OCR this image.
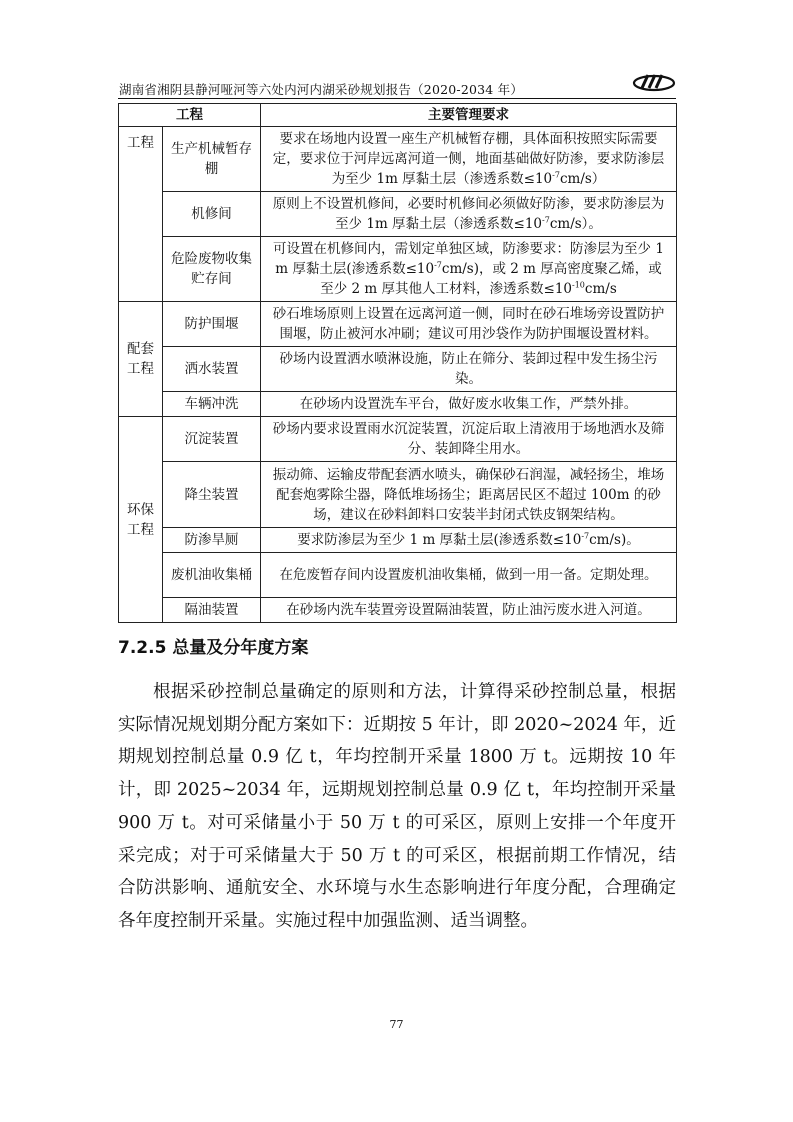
湖南省湘阴县静河哑河等六处内河内湖采砂规划报告（2020-2034 年）
工程		主要管理要求
工程	生产机械暂存棚	要求在场地内设置一座生产机械暂存棚，具体面积按照实际需要定，要求位于河岸远离河道一侧，地面基础做好防渗，要求防渗层为至少 1m 厚黏土层（渗透系数$\le 10^{-7}cm/s$）
	机修间	原则上不设置机修间，必要时机修间必须做好防渗，要求防渗层为至少 1m 厚黏土层（渗透系数$\le 10^{-7}cm/s$）。
	危险废物收集贮存间	可设置在机修间内，需划定单独区域，防渗要求：防渗层为至少 1 m 厚黏土层(渗透系数$\le 10^{-7}cm/s$)，或 2 m 厚高密度聚乙烯，或至少 2 m 厚其他人工材料，渗透系数$\le 10^{-10}cm/s$
配套工程	防护围堰	砂石堆场原则上设置在远离河道一侧，同时在砂石堆场旁设置防护围堰，防止被河水冲刷；建议可用沙袋作为防护围堰设置材料。
	洒水装置	砂场内设置洒水喷淋设施，防止在筛分、装卸过程中发生扬尘污染。
	车辆冲洗	在砂场内设置洗车平台，做好废水收集工作，严禁外排。
环保工程	沉淀装置	砂场内要求设置雨水沉淀装置，沉淀后取上清液用于场地洒水及筛分、装卸降尘用水。
	降尘装置	振动筛、运输皮带配套洒水喷头，确保砂石润湿，减轻扬尘，堆场配套炮雾除尘器，降低堆场扬尘；距离居民区不超过 100m 的砂场，建议在砂料卸料口安装半封闭式铁皮钢架结构。
	防渗旱厕	要求防渗层为至少 1 m 厚黏土层(渗透系数$\le 10^{-7}cm/s$)。
	废机油收集桶	在危废暂存间内设置废机油收集桶，做到一用一备。定期处理。
	隔油装置	在砂场内洗车装置旁设置隔油装置，防止油污废水进入河道。
7.2.5 总量及分年度方案

根据采砂控制总量确定的原则和方法，计算得采砂控制总量，根据实际情况规划期分配方案如下：近期按 5 年计，即 2020~2024 年，近期规划控制总量 0.9 亿 t，年均控制开采量 1800 万 t。远期按 10 年计，即 2025~2034 年，远期规划控制总量 0.9 亿 t，年均控制开采量 900 万 t。对可采储量小于 50 万 t 的可采区，原则上安排一个年度开采完成；对于可采储量大于 50 万 t 的可采区，根据前期工作情况，结合防洪影响、通航安全、水环境与水生态影响进行年度分配，合理确定各年度控制开采量。实施过程中加强监测、适当调整。

77
